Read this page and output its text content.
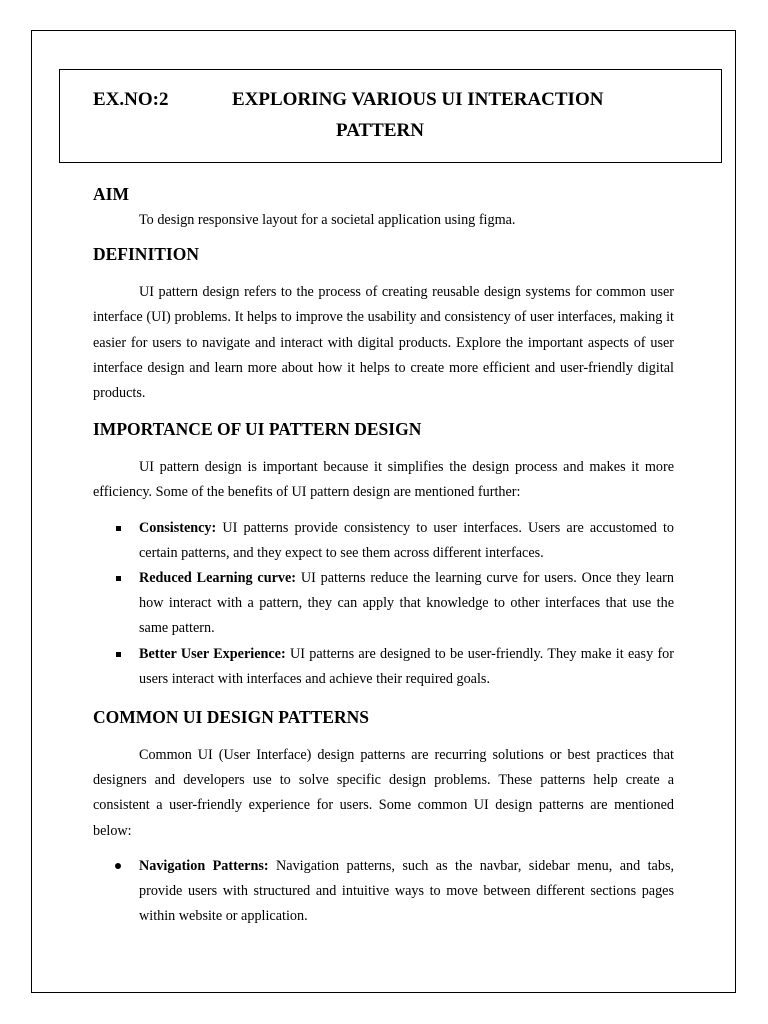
EX.NO:2	EXPLORING VARIOUS UI INTERACTION
PATTERN
AIM

To design responsive layout for a societal application using figma.

DEFINITION

UI pattern design refers to the process of creating reusable design systems for common user interface (UI) problems. It helps to improve the usability and consistency of user interfaces, making it easier for users to navigate and interact with digital products. Explore the important aspects of user interface design and learn more about how it helps to create more efficient and user-friendly digital products.

IMPORTANCE OF UI PATTERN DESIGN

UI pattern design is important because it simplifies the design process and makes it more efficiency. Some of the benefits of UI pattern design are mentioned further:

Consistency: UI patterns provide consistency to user interfaces. Users are accustomed to certain patterns, and they expect to see them across different interfaces.
Reduced Learning curve: UI patterns reduce the learning curve for users. Once they learn how interact with a pattern, they can apply that knowledge to other interfaces that use the same pattern.
Better User Experience: UI patterns are designed to be user-friendly. They make it easy for users interact with interfaces and achieve their required goals.
COMMON UI DESIGN PATTERNS

Common UI (User Interface) design patterns are recurring solutions or best practices that designers and developers use to solve specific design problems. These patterns help create a consistent a user-friendly experience for users. Some common UI design patterns are mentioned below:

Navigation Patterns: Navigation patterns, such as the navbar, sidebar menu, and tabs, provide users with structured and intuitive ways to move between different sections pages within website or application.
